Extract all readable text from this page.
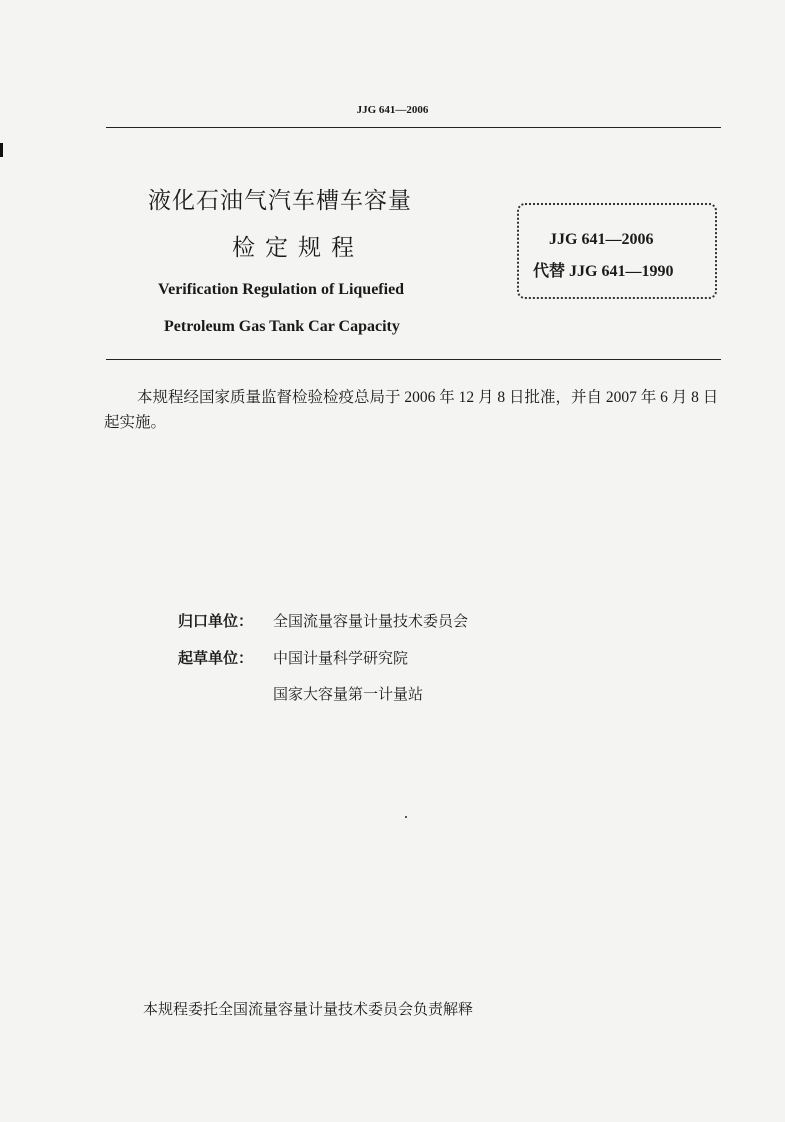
JJG 641—2006
液化石油气汽车槽车容量
检定规程
Verification Regulation of Liquefied
Petroleum Gas Tank Car Capacity
JJG 641—2006
代替 JJG 641—1990
本规程经国家质量监督检验检疫总局于 2006 年 12 月 8 日批准，并自 2007 年 6 月 8 日起实施。
归口单位： 全国流量容量计量技术委员会
起草单位： 中国计量科学研究院
国家大容量第一计量站
本规程委托全国流量容量计量技术委员会负责解释
